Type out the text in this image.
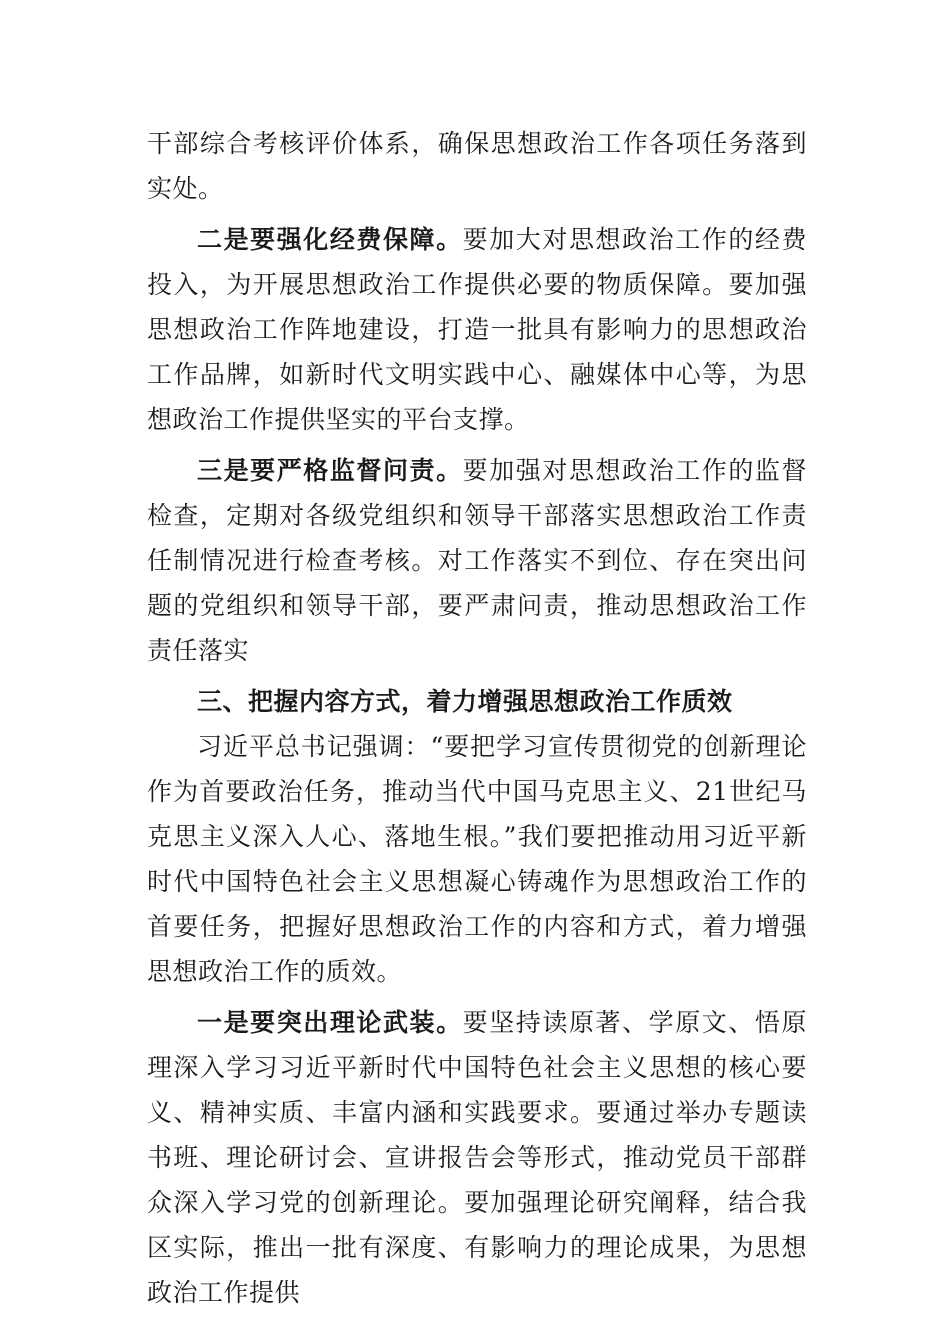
干部综合考核评价体系，确保思想政治工作各项任务落到实处。

二是要强化经费保障。要加大对思想政治工作的经费投入，为开展思想政治工作提供必要的物质保障。要加强思想政治工作阵地建设，打造一批具有影响力的思想政治工作品牌，如新时代文明实践中心、融媒体中心等，为思想政治工作提供坚实的平台支撑。

三是要严格监督问责。要加强对思想政治工作的监督检查，定期对各级党组织和领导干部落实思想政治工作责任制情况进行检查考核。对工作落实不到位、存在突出问题的党组织和领导干部，要严肃问责，推动思想政治工作责任落实

三、把握内容方式，着力增强思想政治工作质效

习近平总书记强调：“要把学习宣传贯彻党的创新理论作为首要政治任务，推动当代中国马克思主义、21世纪马克思主义深入人心、落地生根。”我们要把推动用习近平新时代中国特色社会主义思想凝心铸魂作为思想政治工作的首要任务，把握好思想政治工作的内容和方式，着力增强思想政治工作的质效。

一是要突出理论武装。要坚持读原著、学原文、悟原理深入学习习近平新时代中国特色社会主义思想的核心要义、精神实质、丰富内涵和实践要求。要通过举办专题读书班、理论研讨会、宣讲报告会等形式，推动党员干部群众深入学习党的创新理论。要加强理论研究阐释，结合我区实际，推出一批有深度、有影响力的理论成果，为思想政治工作提供
